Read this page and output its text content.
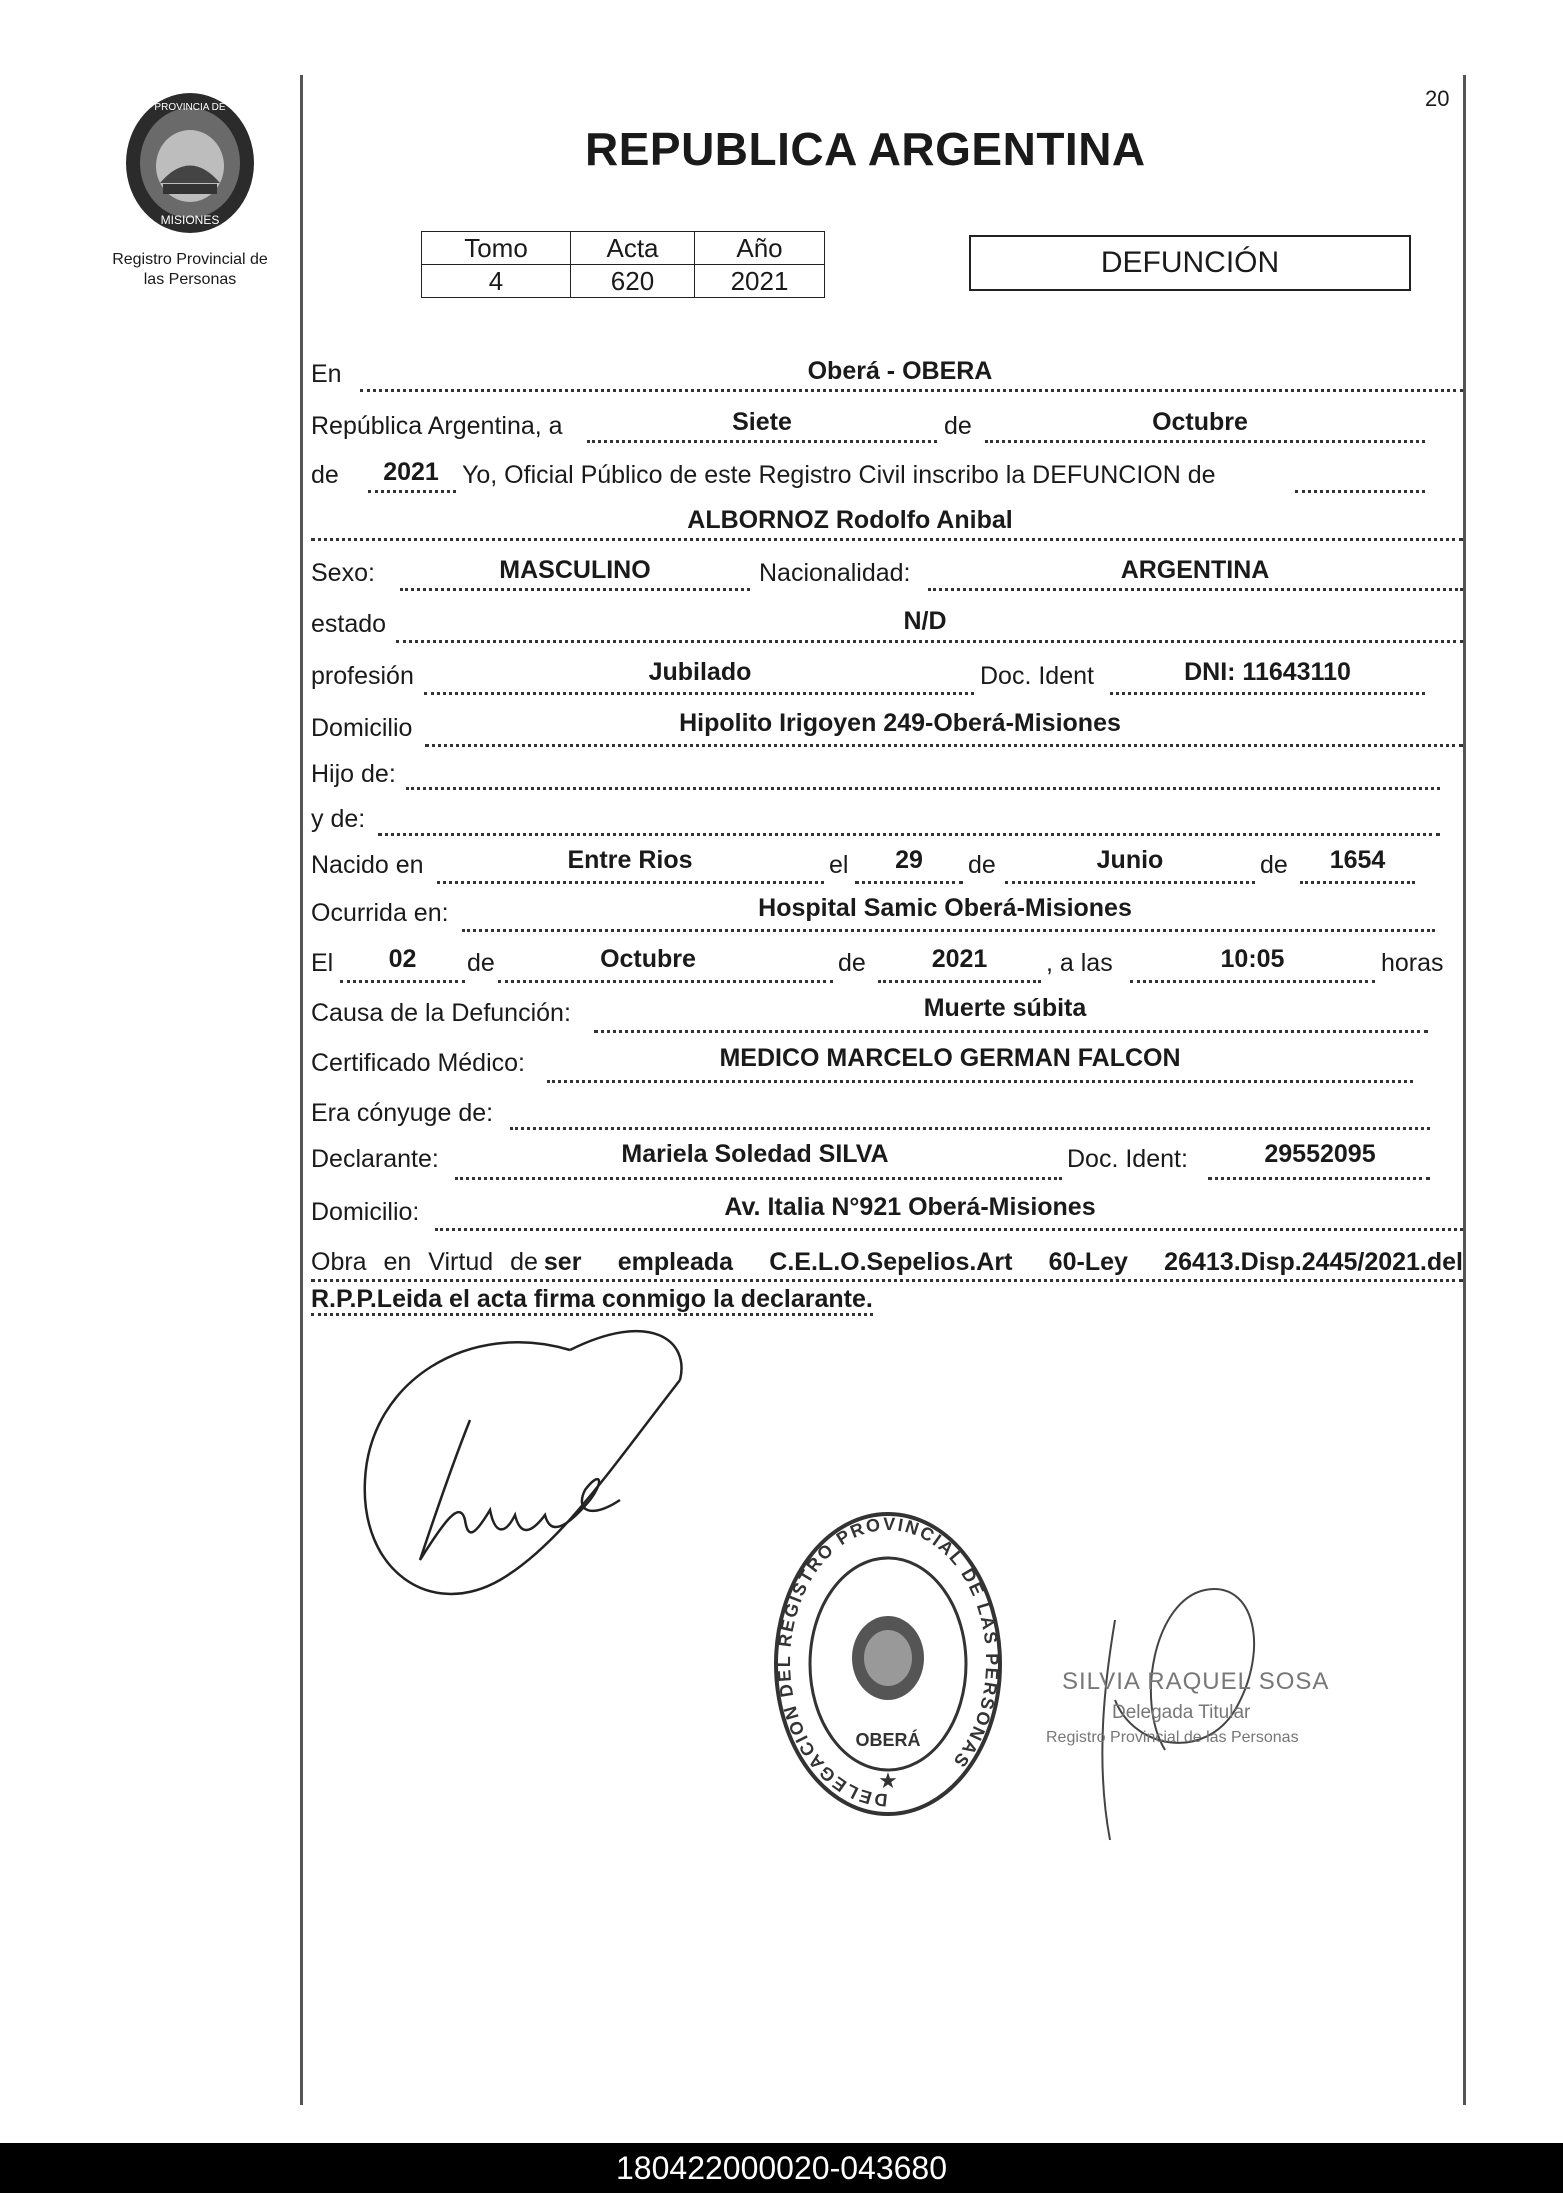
PROVINCIA DE
MISIONES
Registro Provincial de
las Personas
20
REPUBLICA ARGENTINA
Tomo	Acta	Año
4	620	2021
DEFUNCIÓN
En	Oberá - OBERA
República Argentina, a	Siete	de	Octubre
de	2021 Yo, Oficial Público de este Registro Civil inscribo la DEFUNCION de
ALBORNOZ Rodolfo Anibal
Sexo:	MASCULINO	Nacionalidad:	ARGENTINA
estado	N/D
profesión	Jubilado	Doc. Ident	DNI: 11643110
Domicilio	Hipolito Irigoyen 249-Oberá-Misiones
Hijo de:
y de:
Nacido en	Entre Rios	el	29	de	Junio	de	1654
Ocurrida en:	Hospital Samic Oberá-Misiones
El	02	de	Octubre	de	2021	, a las	10:05	horas
Causa de la Defunción:	Muerte súbita
Certificado Médico:	MEDICO MARCELO GERMAN FALCON
Era cónyuge de:
Declarante:	Mariela Soledad SILVA	Doc. Ident:	29552095
Domicilio:	Av. Italia N°921 Oberá-Misiones
Obra en Virtud de ser empleada C.E.L.O.Sepelios.Art 60-Ley 26413.Disp.2445/2021.del
R.P.P.Leida el acta firma conmigo la declarante.
DELEGACION DEL REGISTRO PROVINCIAL DE LAS PERSONAS
OBERÁ
★
SILVIA RAQUEL SOSA
Delegada Titular
Registro Provincial de las Personas
180422000020-043680
